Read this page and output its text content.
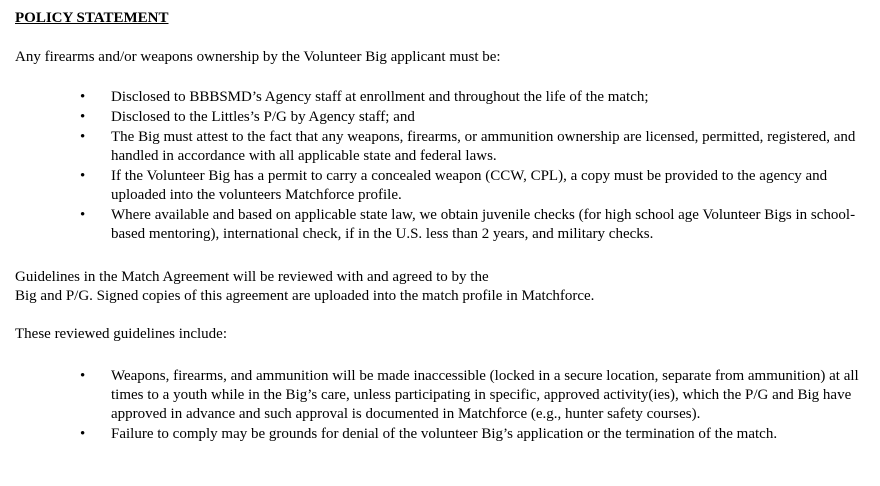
POLICY STATEMENT

Any firearms and/or weapons ownership by the Volunteer Big applicant must be:

• Disclosed to BBBSMD’s Agency staff at enrollment and throughout the life of the match;
• Disclosed to the Littles’s P/G by Agency staff; and
• The Big must attest to the fact that any weapons, firearms, or ammunition ownership are licensed, permitted, registered, and handled in accordance with all applicable state and federal laws.
• If the Volunteer Big has a permit to carry a concealed weapon (CCW, CPL), a copy must be provided to the agency and uploaded into the volunteers Matchforce profile.
• Where available and based on applicable state law, we obtain juvenile checks (for high school age Volunteer Bigs in school-based mentoring), international check, if in the U.S. less than 2 years, and military checks.

Guidelines in the Match Agreement will be reviewed with and agreed to by the
Big and P/G. Signed copies of this agreement are uploaded into the match profile in Matchforce.

These reviewed guidelines include:

• Weapons, firearms, and ammunition will be made inaccessible (locked in a secure location, separate from ammunition) at all times to a youth while in the Big’s care, unless participating in specific, approved activity(ies), which the P/G and Big have approved in advance and such approval is documented in Matchforce (e.g., hunter safety courses).
• Failure to comply may be grounds for denial of the volunteer Big’s application or the termination of the match.
